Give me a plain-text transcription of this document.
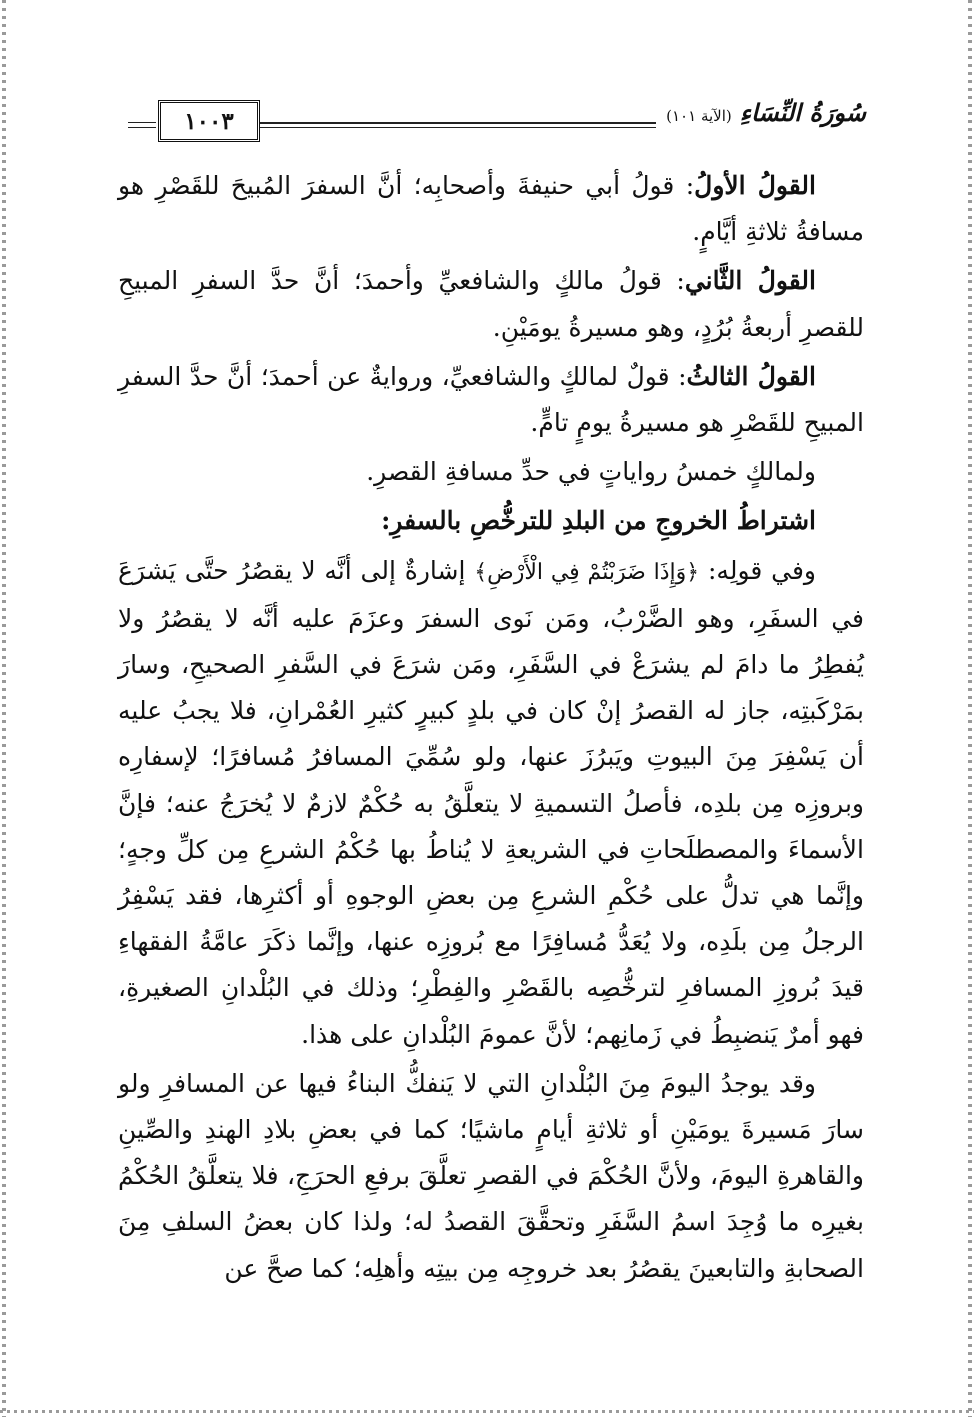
١٠٠٣	سُورَةُ النِّسَاءِ
(الآية ١٠١)

القولُ الأولُ: قولُ أبي حنيفةَ وأصحابِه؛ أنَّ السفرَ المُبيحَ للقَصْرِ هو مسافةُ ثلاثةِ أيَّامٍ.

القولُ الثَّاني: قولُ مالكٍ والشافعيِّ وأحمدَ؛ أنَّ حدَّ السفرِ المبيحِ للقصرِ أربعةُ بُرُدٍ، وهو مسيرةُ يومَيْنِ.

القولُ الثالثُ: قولٌ لمالكٍ والشافعيِّ، وروايةٌ عن أحمدَ؛ أنَّ حدَّ السفرِ المبيحِ للقَصْرِ هو مسيرةُ يومٍ تامٍّ.

ولمالكٍ خمسُ رواياتٍ في حدِّ مسافةِ القصرِ.

اشتراطُ الخروجِ من البلدِ للترخُّصِ بالسفرِ:

وفي قولِه: ﴿وَإِذَا ضَرَبْتُمْ فِي الْأَرْضِ﴾ إشارةٌ إلى أنَّه لا يقصُرُ حتَّى يَشرَعَ في السفَرِ، وهو الضَّرْبُ، ومَن نَوى السفرَ وعزَمَ عليه أنَّه لا يقصُرُ ولا يُفطِرُ ما دامَ لم يشرَعْ في السَّفَرِ، ومَن شرَعَ في السَّفرِ الصحيحِ، وسارَ بمَرْكَبتِه، جاز له القصرُ إنْ كان في بلدٍ كبيرٍ كثيرِ العُمْرانِ، فلا يجبُ عليه أن يَسْفِرَ مِنَ البيوتِ ويَبرُزَ عنها، ولو سُمِّيَ المسافرُ مُسافرًا؛ لإسفارِه وبروزِه مِن بلدِه، فأصلُ التسميةِ لا يتعلَّقُ به حُكْمٌ لازمٌ لا يُخرَجُ عنه؛ فإنَّ الأسماءَ والمصطلَحاتِ في الشريعةِ لا يُناطُ بها حُكْمُ الشرعِ مِن كلِّ وجهٍ؛ وإنَّما هي تدلُّ على حُكْمِ الشرعِ مِن بعضِ الوجوهِ أو أكثرِها، فقد يَسْفِرُ الرجلُ مِن بلَدِه، ولا يُعَدُّ مُسافِرًا مع بُروزِه عنها، وإنَّما ذكَرَ عامَّةُ الفقهاءِ قيدَ بُروزِ المسافرِ لترخُّصِه بالقَصْرِ والفِطْرِ؛ وذلك في البُلْدانِ الصغيرةِ، فهو أمرٌ يَنضبِطُ في زَمانِهم؛ لأنَّ عمومَ البُلْدانِ على هذا.

وقد يوجدُ اليومَ مِنَ البُلْدانِ التي لا يَنفكُّ البناءُ فيها عن المسافرِ ولو سارَ مَسيرةَ يومَيْنِ أو ثلاثةِ أيامٍ ماشيًا؛ كما في بعضِ بلادِ الهندِ والصِّينِ والقاهرةِ اليومَ، ولأنَّ الحُكْمَ في القصرِ تعلَّقَ برفعِ الحرَجِ، فلا يتعلَّقُ الحُكْمُ بغيرِه ما وُجِدَ اسمُ السَّفَرِ وتحقَّقَ القصدُ له؛ ولذا كان بعضُ السلفِ مِنَ الصحابةِ والتابعينَ يقصُرُ بعد خروجِه مِن بيتِه وأهلِه؛ كما صحَّ عن
